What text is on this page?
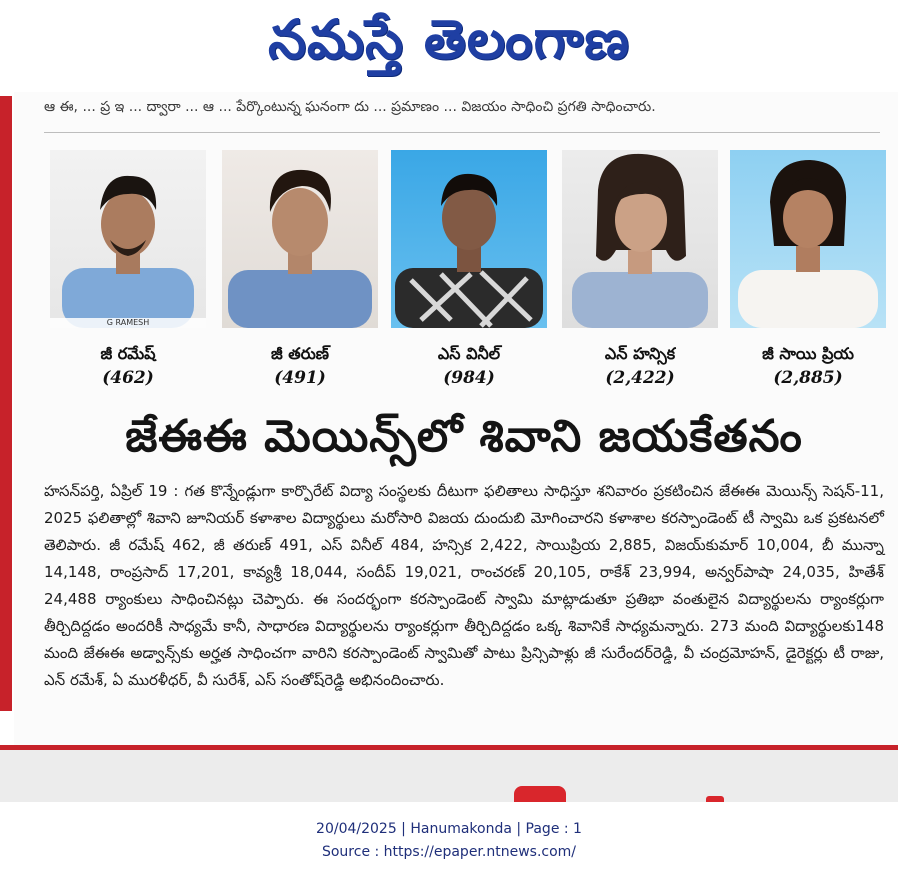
నమస్తే తెలంగాణ
ఆ ఈ, ... ప్ర ఇ ... ద్వారా ... ఆ ... పేర్కొంటున్న ఘనంగా దు ... ప్రమాణం ... విజయం సాధించి ప్రగతి సాధించారు.
G RAMESH
జీ రమేష్	జీ తరుణ్	ఎస్ వినీల్	ఎన్ హన్సిక	జీ సాయి ప్రియ
(462)	(491)	(984)	(2,422)	(2,885)
జేఈఈ మెయిన్స్‌లో శివాని జయకేతనం
హసన్‌పర్తి, ఏప్రిల్ 19 : గత కొన్నేండ్లుగా కార్పొరేట్ విద్యా సంస్థలకు దీటుగా ఫలితాలు సాధిస్తూ శనివారం ప్రకటించిన జేఈఈ మెయిన్స్ సెషన్-11, 2025 ఫలితాల్లో శివాని జూనియర్ కళాశాల విద్యార్థులు మరోసారి విజయ దుందుబి మోగించారని కళాశాల కరస్పాండెంట్ టీ స్వామి ఒక ప్రకటనలో తెలిపారు. జీ రమేష్ 462, జీ తరుణ్ 491, ఎస్ వినీల్ 484, హన్సిక 2,422, సాయిప్రియ 2,885, విజయ్‌కుమార్ 10,004, బీ మున్నా 14,148, రాంప్రసాద్ 17,201, కావ్యశ్రీ 18,044, సందీప్ 19,021, రాంచరణ్ 20,105, రాకేశ్ 23,994, అన్వర్‌పాషా 24,035, హితేశ్ 24,488 ర్యాంకులు సాధించినట్లు చెప్పారు. ఈ సందర్భంగా కరస్పాండెంట్ స్వామి మాట్లాడుతూ ప్రతిభా వంతులైన విద్యార్థులను ర్యాంకర్లుగా తీర్చిదిద్దడం అందరికీ సాధ్యమే కానీ, సాధారణ విద్యార్థులను ర్యాంకర్లుగా తీర్చిదిద్దడం ఒక్క శివానికే సాధ్యమన్నారు. 273 మంది విద్యార్థులకు148 మంది జేఈఈ అడ్వాన్స్‌కు అర్హత సాధించగా వారిని కరస్పాండెంట్ స్వామితో పాటు ప్రిన్సిపాళ్లు జీ సురేందర్‌రెడ్డి, వీ చంద్రమోహన్, డైరెక్టర్లు టీ రాజు, ఎన్ రమేశ్, ఏ మురళీధర్, వీ సురేశ్, ఎస్ సంతోష్‌రెడ్డి అభినందించారు.
20/04/2025 | Hanumakonda | Page : 1
Source : https://epaper.ntnews.com/
